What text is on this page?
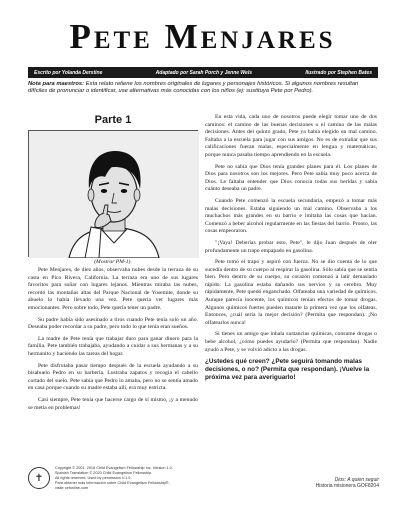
Pete Menjares
Escrito por Yolanda Derstine	Adaptado por Sarah Porch y Jenne Wels	Ilustrado por Stephen Bates
Nota para maestros: Esta relato retiene los nombres originales de lugares y personajes históricos. Si algunos nombres resultan difíciles de pronunciar o identificar, use alternativas más conocidas con los niños (ej: sustituya Pete por Pedro).
Parte 1
(Mostrar PM-1).

Pete Menjares, de diez años, observaba nubes desde la terraza de su casta en Pico Rivera, California. La terraza era uno de sus lugares favoritos para soñar con lugares lejanos. Mientras miraba las nubes, recordó las montañas altas del Parque Nacional de Yosemite, donde su abuelo lo había llevado una vez. Pete quería ver lugares más emocionantes. Pero sobre todo, Pete quería tener un padre.

Su padre había sido asesinado a tiros cuando Pete tenía solo un año. Deseaba poder recordar a su padre, pero todo lo que tenía eran sueños.

La madre de Pete tenía que trabajar duro para ganar dinero para la familia. Pete también trabajaba, ayudando a cuidar a sus hermanas y a su hermanito y haciendo las tareas del hogar.

Pete disfrutaba pasar tiempo después de la escuela ayudando a su bisabuelo Pedro en su barbería. Lustraba zapatos y recogía el cabello cortado del suelo. Pete sabía que Pedro lo amaba, pero no se sentía amado en casa porque cuando su madre estaba allí, era muy estricta.

Casi siempre, Pete tenía que hacerse cargo de sí mismo, ¡y a menudo se metía en problemas!

En esta vida, cada uno de nosotros puede elegir tomar uno de dos caminos: el camino de las buenas decisiones o el camino de las malas decisiones. Antes del quinto grado, Pete ya había elegido un mal camino. Faltaba a la escuela para jugar con sus amigos. No es de extrañar que sus calificaciones fueran malas, especialmente en lengua y matemáticas, porque nunca pasaba tiempo aprendiendo en la escuela.

Pete no sabía que Dios tenía grandes planes para él. Los planes de Dios para nosotros son los mejores. Pero Pete sabía muy poco acerca de Dios. Le faltaba entender que Dios conocía todas sus heridas y sabía cuánto deseaba un padre.

Cuando Pete comenzó la escuela secundaria, empezó a tomar más malas decisiones. Estaba siguiendo un mal camino. Observaba a los muchachos más grandes en su barrio e imitaba las cosas que hacían. Comenzó a beber alcohol regularmente en las fiestas del barrio. Pronto, las cosas empeoraron.

"¡Vaya! Deberías probar esto, Pete", le dijo Juan después de oler profundamente un trapo empapado en gasolina.

Pete tomó el trapo y aspiró con fuerza. No se dio cuenta de lo que sucedía dentro de su cuerpo al respirar la gasolina. Sólo sabía que se sentía bien. Pero dentro de su cuerpo, su corazón comenzó a latir demasiado rápido. La gasolina estaba dañando sus nervios y su cerebro. Muy rápidamente, Pete quedó enganchado. Olfateaba una variedad de químicos. Aunque parecía inocente, los químicos tenían efectos de tomar drogas. Algunos químicos fuertes pueden matarte la primera vez que los olfateas. Entonces, ¿cuál sería la mejor decisión? (Permita que respondan). ¡No olfatearlos nunca!

Si tienes un amigo que inhala sustancias químicas, consume drogas o bebe alcohol, ¿cómo puedes ayudarlo? (Permita que respondan). Nadie ayudó a Pete, y se volvió adicto a las drogas.

¿Ustedes qué creen? ¿Pete seguirá tomando malas decisiones, o no? (Permita que respondan). ¡Vuelve la próxima vez para averiguarlo!
✝
Copyright © 2001, 2018 Child Evangelism Fellowship Inc. Version 1.0.
Spanish Translation © 2020 Child Evangelism Fellowship.
All rights reserved. Used by permission V.1.0.
Para obtener más información sobre Child Evangelism Fellowship®,
visite cefonline.com
Dios: A quien seguir
Historia misionera GOF8204
